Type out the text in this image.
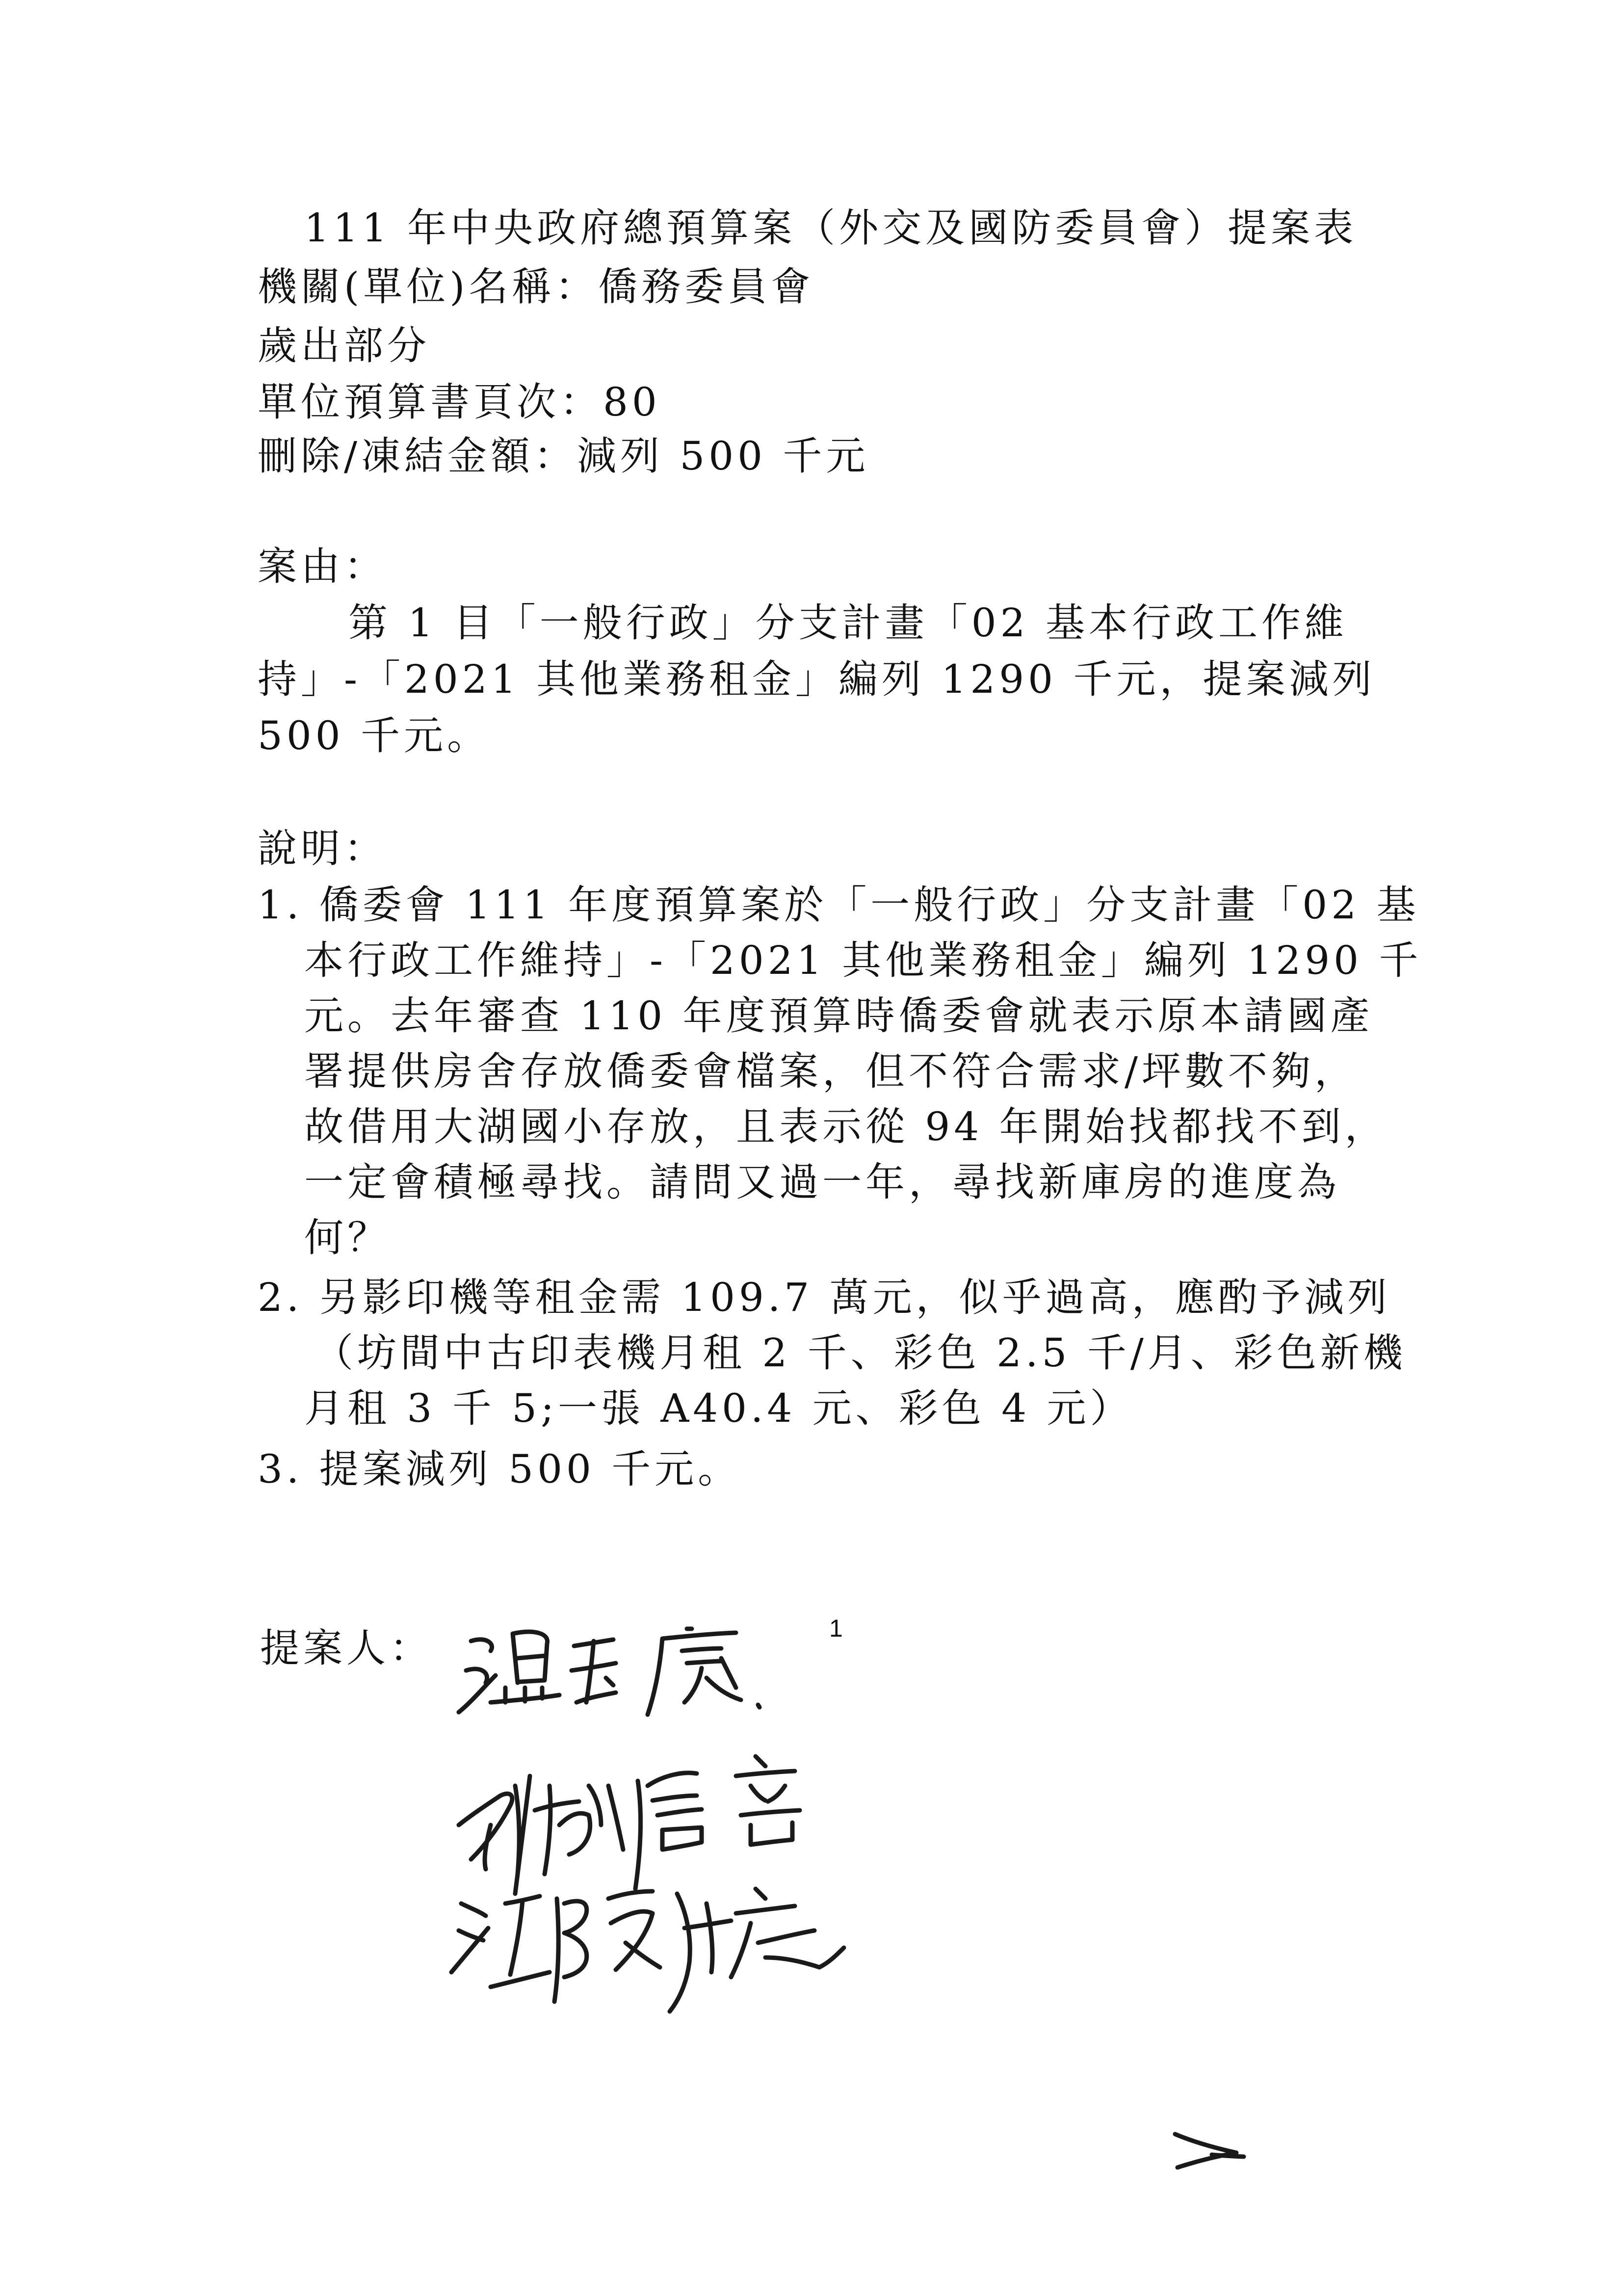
111 年中央政府總預算案（外交及國防委員會）提案表
機關(單位)名稱：僑務委員會
歲出部分
單位預算書頁次：80
刪除/凍結金額：減列 500 千元
案由：
第 1 目「一般行政」分支計畫「02 基本行政工作維
持」-「2021 其他業務租金」編列 1290 千元，提案減列
500 千元。
說明：
1. 僑委會 111 年度預算案於「一般行政」分支計畫「02 基
本行政工作維持」-「2021 其他業務租金」編列 1290 千
元。去年審查 110 年度預算時僑委會就表示原本請國產
署提供房舍存放僑委會檔案，但不符合需求/坪數不夠，
故借用大湖國小存放，且表示從 94 年開始找都找不到，
一定會積極尋找。請問又過一年，尋找新庫房的進度為
何？
2. 另影印機等租金需 109.7 萬元，似乎過高，應酌予減列
（坊間中古印表機月租 2 千、彩色 2.5 千/月、彩色新機
月租 3 千 5;一張 A40.4 元、彩色 4 元）
3. 提案減列 500 千元。
提案人：	1
